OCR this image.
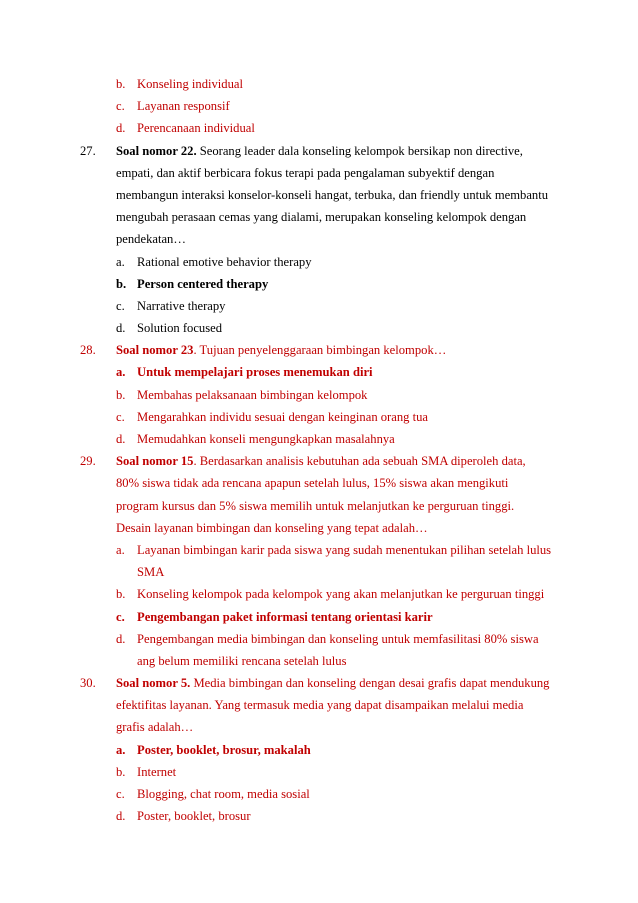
b. Konseling individual
c. Layanan responsif
d. Perencanaan individual
27. Soal nomor 22. Seorang leader dala konseling kelompok bersikap non directive,
empati, dan aktif berbicara fokus terapi pada pengalaman subyektif dengan
membangun interaksi konselor-konseli hangat, terbuka, dan friendly untuk membantu
mengubah perasaan cemas yang dialami, merupakan konseling kelompok dengan
pendekatan…
a. Rational emotive behavior therapy
b. Person centered therapy
c. Narrative therapy
d. Solution focused
28. Soal nomor 23. Tujuan penyelenggaraan bimbingan kelompok…
a. Untuk mempelajari proses menemukan diri
b. Membahas pelaksanaan bimbingan kelompok
c. Mengarahkan individu sesuai dengan keinginan orang tua
d. Memudahkan konseli mengungkapkan masalahnya
29. Soal nomor 15. Berdasarkan analisis kebutuhan ada sebuah SMA diperoleh data,
80% siswa tidak ada rencana apapun setelah lulus, 15% siswa akan mengikuti
program kursus dan 5% siswa memilih untuk melanjutkan ke perguruan tinggi.
Desain layanan bimbingan dan konseling yang tepat adalah…
a. Layanan bimbingan karir pada siswa yang sudah menentukan pilihan setelah lulus
SMA
b. Konseling kelompok pada kelompok yang akan melanjutkan ke perguruan tinggi
c. Pengembangan paket informasi tentang orientasi karir
d. Pengembangan media bimbingan dan konseling untuk memfasilitasi 80% siswa
ang belum memiliki rencana setelah lulus
30. Soal nomor 5. Media bimbingan dan konseling dengan desai grafis dapat mendukung
efektifitas layanan. Yang termasuk media yang dapat disampaikan melalui media
grafis adalah…
a. Poster, booklet, brosur, makalah
b. Internet
c. Blogging, chat room, media sosial
d. Poster, booklet, brosur
